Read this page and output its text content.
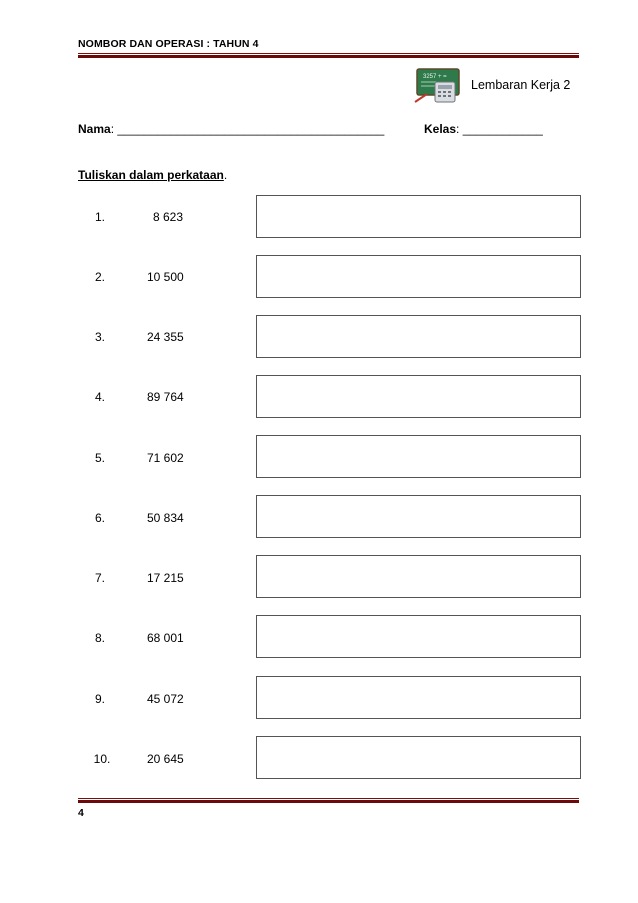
NOMBOR DAN OPERASI : TAHUN 4
3257 + =
Lembaran Kerja 2
Nama: ________________________________________	Kelas: ____________
Tuliskan dalam perkataan.
1.	8 623
2.	10 500
3.	24 355
4.	89 764
5.	71 602
6.	50 834
7.	17 215
8.	68 001
9.	45 072
10.	20 645
4
